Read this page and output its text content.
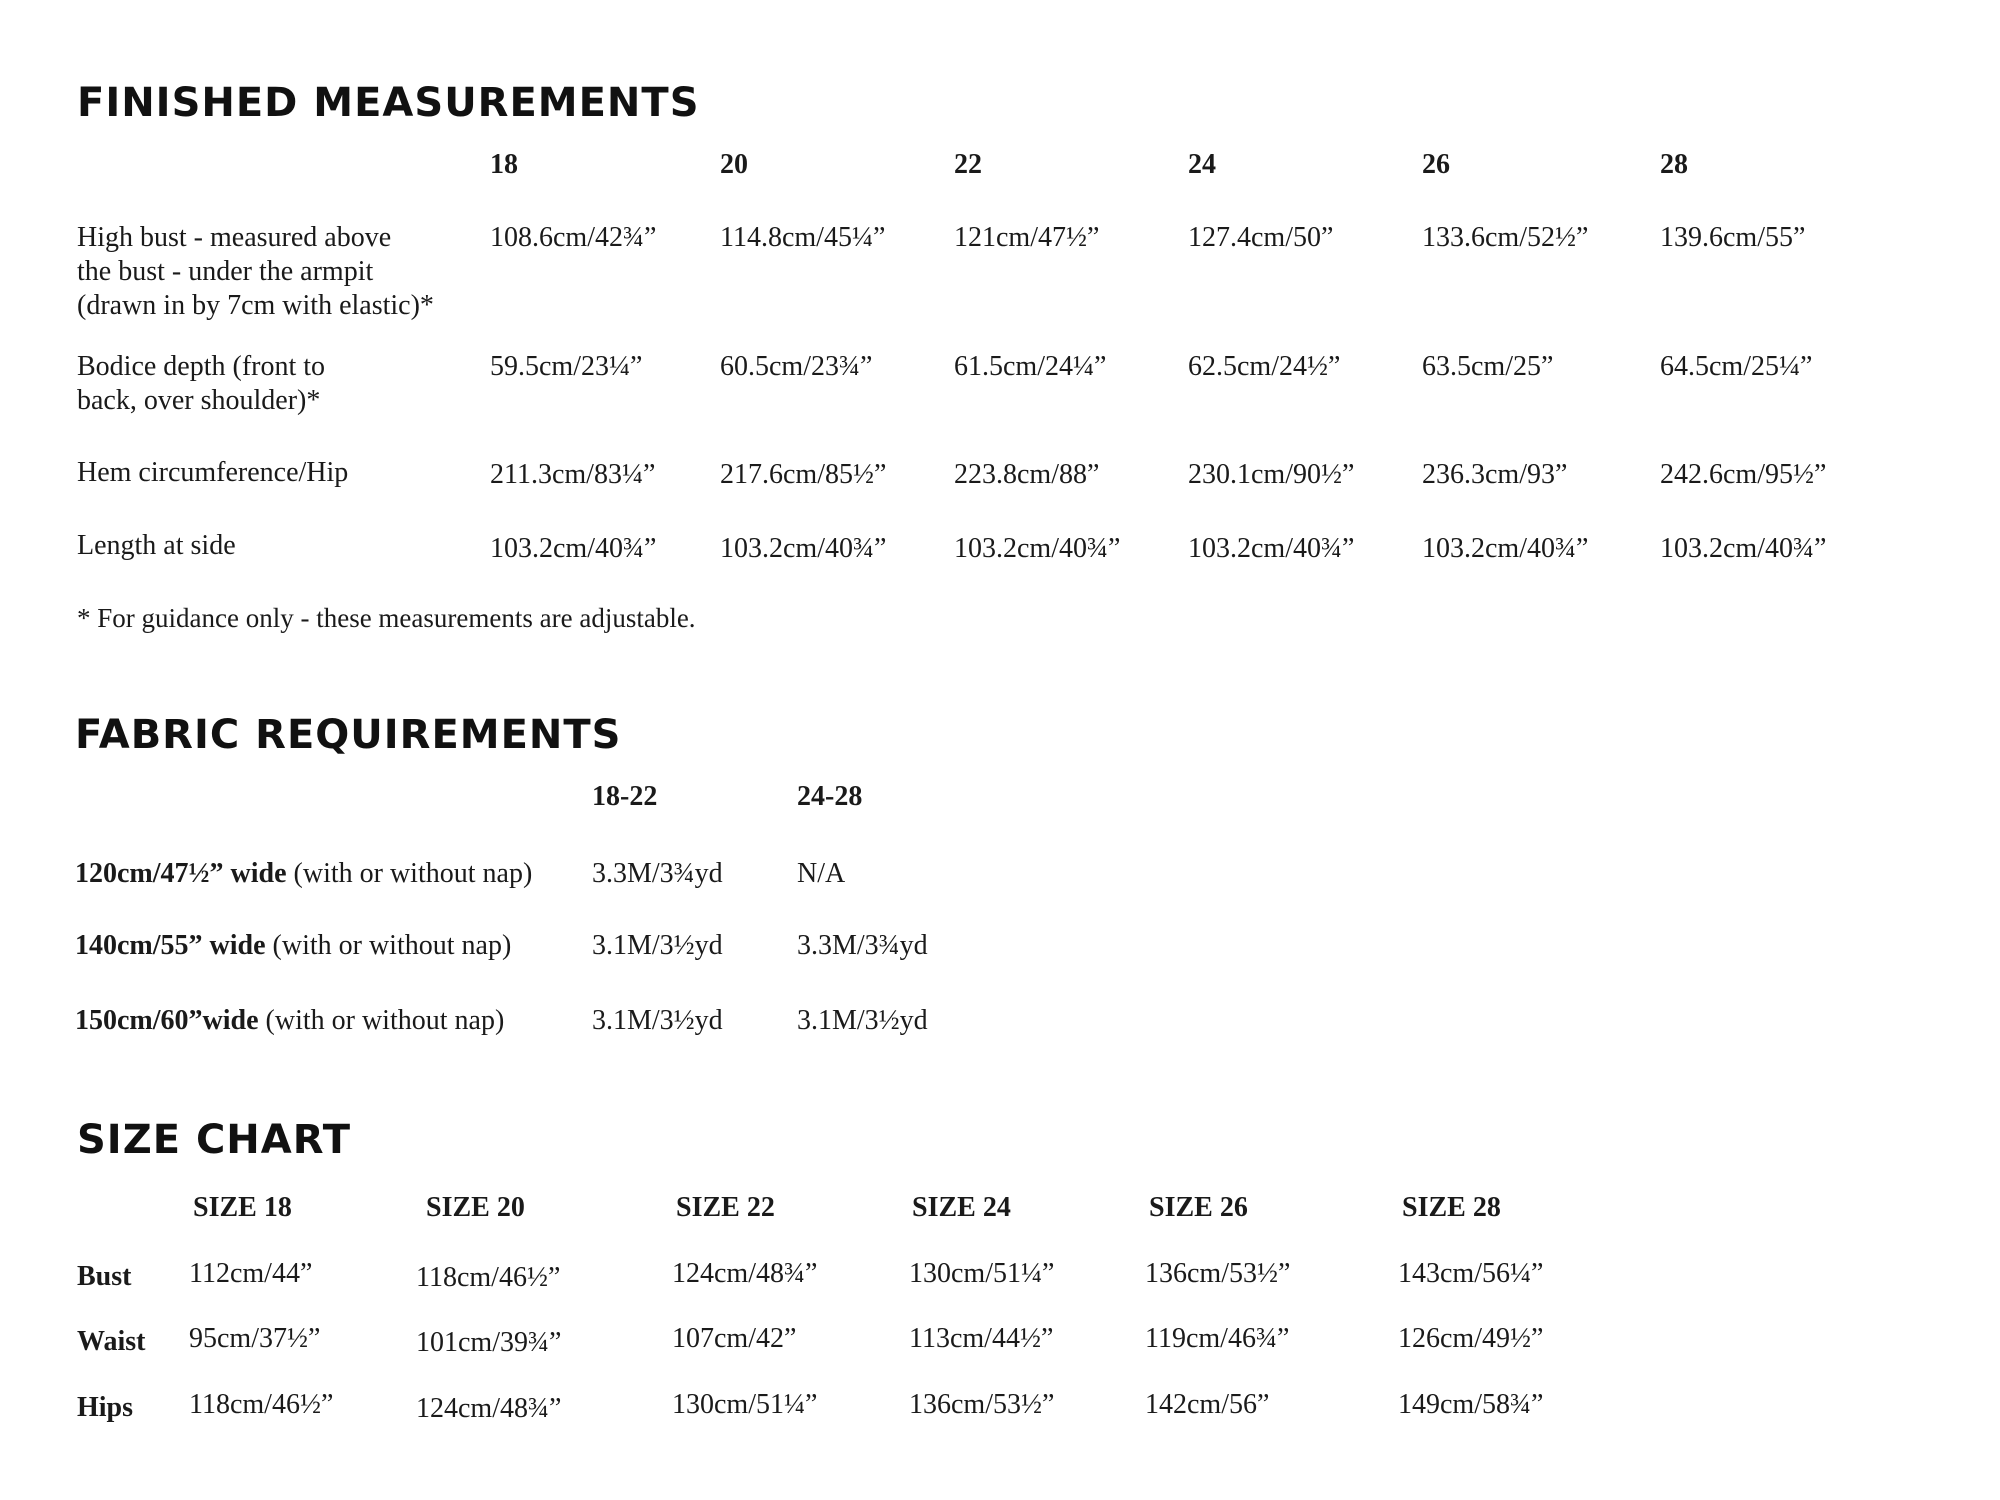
FINISHED MEASUREMENTS
18	20	22	24	26	28
High bust - measured above
the bust - under the armpit
(drawn in by 7cm with elastic)*
108.6cm/42¾” 114.8cm/45¼” 121cm/47½”	127.4cm/50”	133.6cm/52½”	139.6cm/55”
Bodice depth (front to
back, over shoulder)*
59.5cm/23¼”	60.5cm/23¾”	61.5cm/24¼”	62.5cm/24½”	63.5cm/25”	64.5cm/25¼”
Hem circumference/Hip	211.3cm/83¼” 217.6cm/85½” 223.8cm/88”	230.1cm/90½” 236.3cm/93”	242.6cm/95½”
Length at side	103.2cm/40¾” 103.2cm/40¾” 103.2cm/40¾” 103.2cm/40¾” 103.2cm/40¾”	103.2cm/40¾”
* For guidance only - these measurements are adjustable.
FABRIC REQUIREMENTS
18-22	24-28
120cm/47½” wide (with or without nap) 3.3M/3¾yd	N/A
140cm/55” wide (with or without nap)	3.1M/3½yd	3.3M/3¾yd
150cm/60”wide (with or without nap)	3.1M/3½yd	3.1M/3½yd
SIZE CHART
SIZE 18	SIZE 20	SIZE 22	SIZE 24	SIZE 26	SIZE 28
Bust 112cm/44”	118cm/46½”	124cm/48¾”	130cm/51¼”	136cm/53½”	143cm/56¼”
Waist 95cm/37½”	101cm/39¾”	107cm/42”	113cm/44½”	119cm/46¾”	126cm/49½”
Hips 118cm/46½”	124cm/48¾”	130cm/51¼”	136cm/53½”	142cm/56”	149cm/58¾”
